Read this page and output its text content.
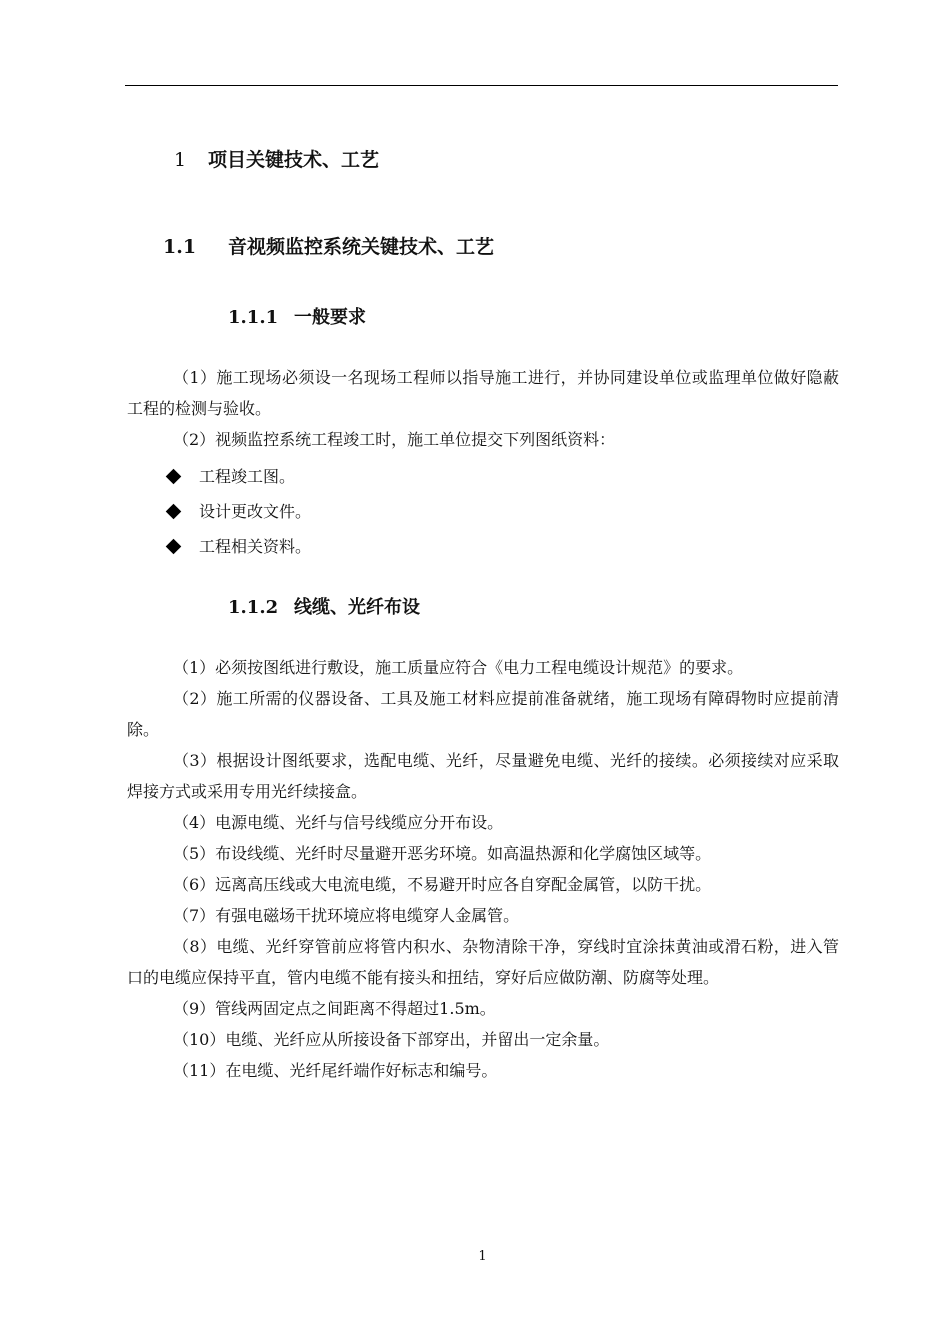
1 项目关键技术、工艺
1.1 音视频监控系统关键技术、工艺
1.1.1 一般要求

（1）施工现场必须设一名现场工程师以指导施工进行，并协同建设单位或监理单位做好隐蔽工程的检测与验收。

（2）视频监控系统工程竣工时，施工单位提交下列图纸资料：

工程竣工图。
设计更改文件。
工程相关资料。
1.1.2 线缆、光纤布设

（1）必须按图纸进行敷设，施工质量应符合《电力工程电缆设计规范》的要求。

（2）施工所需的仪器设备、工具及施工材料应提前准备就绪，施工现场有障碍物时应提前清除。

（3）根据设计图纸要求，选配电缆、光纤，尽量避免电缆、光纤的接续。必须接续对应采取焊接方式或采用专用光纤续接盒。

（4）电源电缆、光纤与信号线缆应分开布设。

（5）布设线缆、光纤时尽量避开恶劣环境。如高温热源和化学腐蚀区域等。

（6）远离高压线或大电流电缆，不易避开时应各自穿配金属管，以防干扰。

（7）有强电磁场干扰环境应将电缆穿人金属管。

（8）电缆、光纤穿管前应将管内积水、杂物清除干净，穿线时宜涂抹黄油或滑石粉，进入管口的电缆应保持平直，管内电缆不能有接头和扭结，穿好后应做防潮、防腐等处理。

（9）管线两固定点之间距离不得超过1.5m。

（10）电缆、光纤应从所接设备下部穿出，并留出一定余量。

（11）在电缆、光纤尾纤端作好标志和编号。

1
